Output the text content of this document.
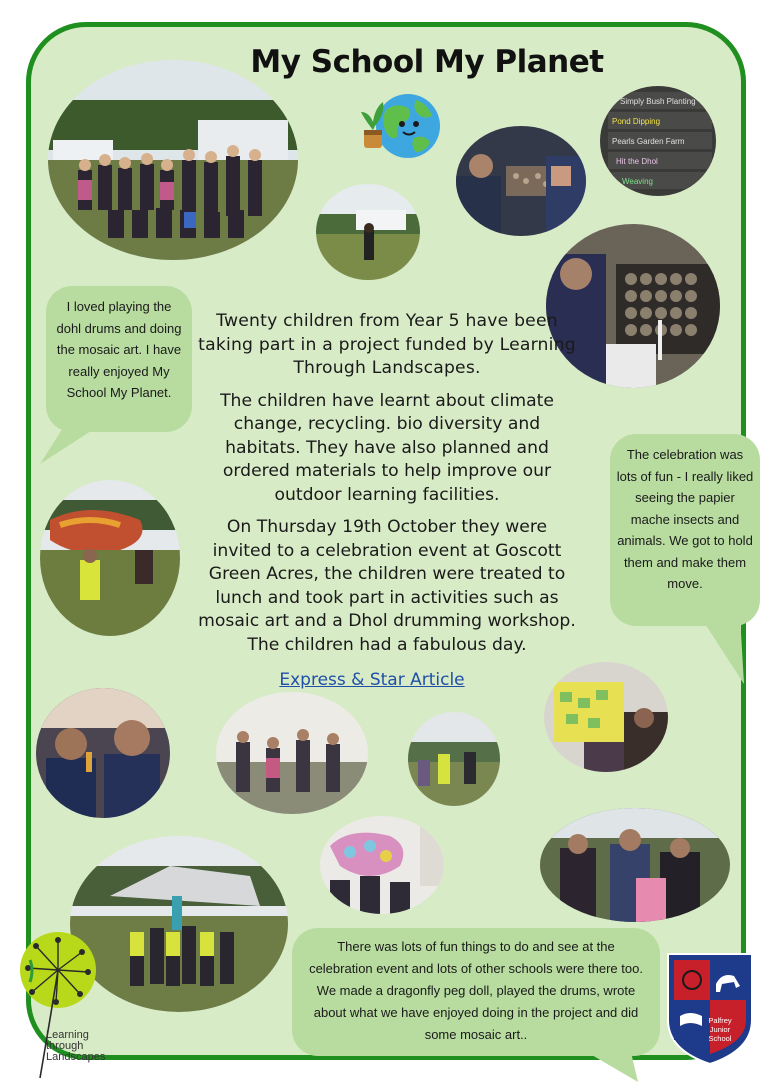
My School My Planet
Simply Bush Planting
Pond Dipping
Pearls Garden Farm
Hit the Dhol
Weaving

Twenty children from Year 5 have been taking part in a project funded by Learning Through Landscapes.

The children have learnt about climate change, recycling. bio diversity and habitats. They have also planned and ordered materials to help improve our outdoor learning facilities.

On Thursday 19th October they were invited to a celebration event at Goscott Green Acres, the children were treated to lunch and took part in activities such as mosaic art and a Dhol drumming workshop. The children had a fabulous day.

Express & Star Article
I loved playing the dohl drums and doing the mosaic art. I have really enjoyed My School My Planet.
The celebration was lots of fun - I really liked seeing the papier mache insects and animals. We got to hold them and make them move.
There was lots of fun things to do and see at the celebration event and lots of other schools were there too. We made a dragonfly peg doll, played the drums, wrote about what we have enjoyed doing in the project and did some mosaic art..
Learning
through
Landscapes
Palfrey
Junior
School
